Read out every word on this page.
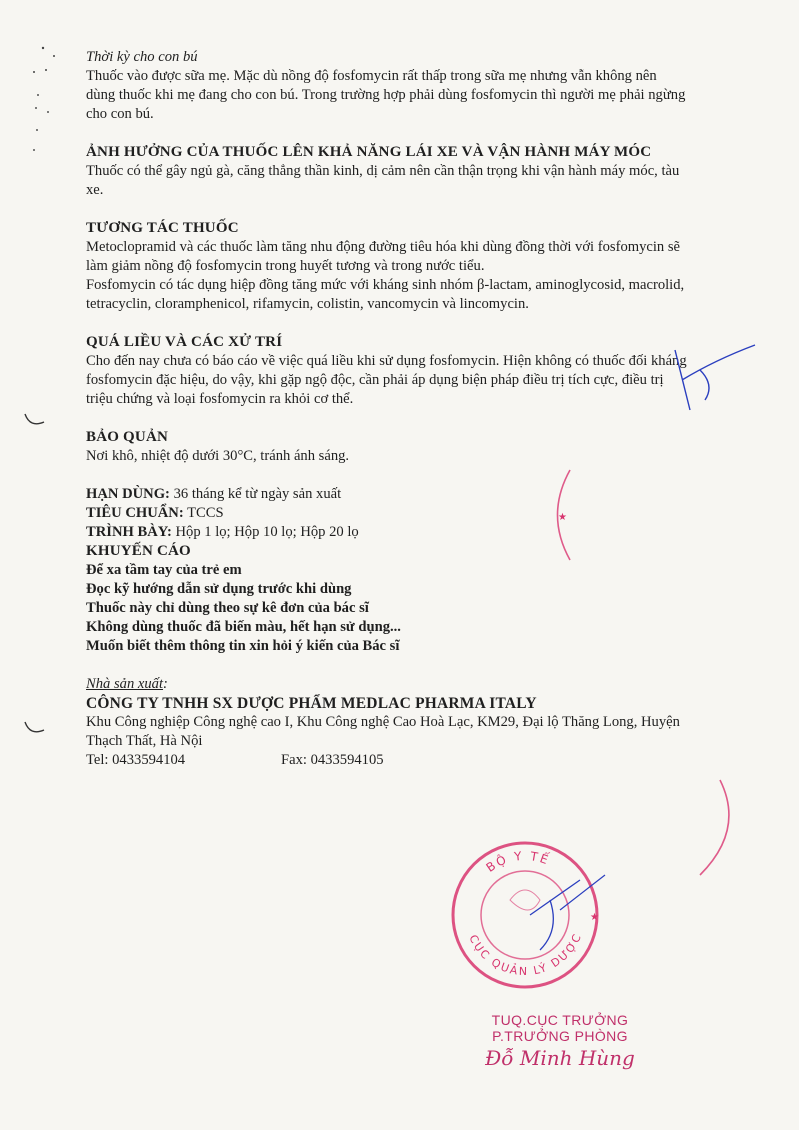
Thời kỳ cho con bú

Thuốc vào được sữa mẹ. Mặc dù nồng độ fosfomycin rất thấp trong sữa mẹ nhưng vẫn không nên

dùng thuốc khi mẹ đang cho con bú. Trong trường hợp phải dùng fosfomycin thì người mẹ phải ngừng

cho con bú.

ẢNH HƯỞNG CỦA THUỐC LÊN KHẢ NĂNG LÁI XE VÀ VẬN HÀNH MÁY MÓC

Thuốc có thể gây ngủ gà, căng thẳng thần kinh, dị cảm nên cần thận trọng khi vận hành máy móc, tàu

xe.

TƯƠNG TÁC THUỐC

Metoclopramid và các thuốc làm tăng nhu động đường tiêu hóa khi dùng đồng thời với fosfomycin sẽ

làm giảm nồng độ fosfomycin trong huyết tương và trong nước tiểu.

Fosfomycin có tác dụng hiệp đồng tăng mức với kháng sinh nhóm β-lactam, aminoglycosid, macrolid,

tetracyclin, cloramphenicol, rifamycin, colistin, vancomycin và lincomycin.

QUÁ LIỀU VÀ CÁC XỬ TRÍ

Cho đến nay chưa có báo cáo về việc quá liều khi sử dụng fosfomycin. Hiện không có thuốc đối kháng

fosfomycin đặc hiệu, do vậy, khi gặp ngộ độc, cần phải áp dụng biện pháp điều trị tích cực, điều trị

triệu chứng và loại fosfomycin ra khỏi cơ thể.

BẢO QUẢN

Nơi khô, nhiệt độ dưới 30°C, tránh ánh sáng.

HẠN DÙNG: 36 tháng kể từ ngày sản xuất

TIÊU CHUẨN: TCCS

TRÌNH BÀY: Hộp 1 lọ; Hộp 10 lọ; Hộp 20 lọ

KHUYẾN CÁO

Để xa tầm tay của trẻ em

Đọc kỹ hướng dẫn sử dụng trước khi dùng

Thuốc này chỉ dùng theo sự kê đơn của bác sĩ

Không dùng thuốc đã biến màu, hết hạn sử dụng...

Muốn biết thêm thông tin xin hỏi ý kiến của Bác sĩ

Nhà sản xuất:

CÔNG TY TNHH SX DƯỢC PHẨM MEDLAC PHARMA ITALY

Khu Công nghiệp Công nghệ cao I, Khu Công nghệ Cao Hoà Lạc, KM29, Đại lộ Thăng Long, Huyện

Thạch Thất, Hà Nội

Tel: 0433594104	Fax: 0433594105

★
BỘ Y TẾ
CỤC QUẢN LÝ DƯỢC
★
TUQ.CỤC TRƯỞNG
P.TRƯỞNG PHÒNG
Đỗ Minh Hùng
